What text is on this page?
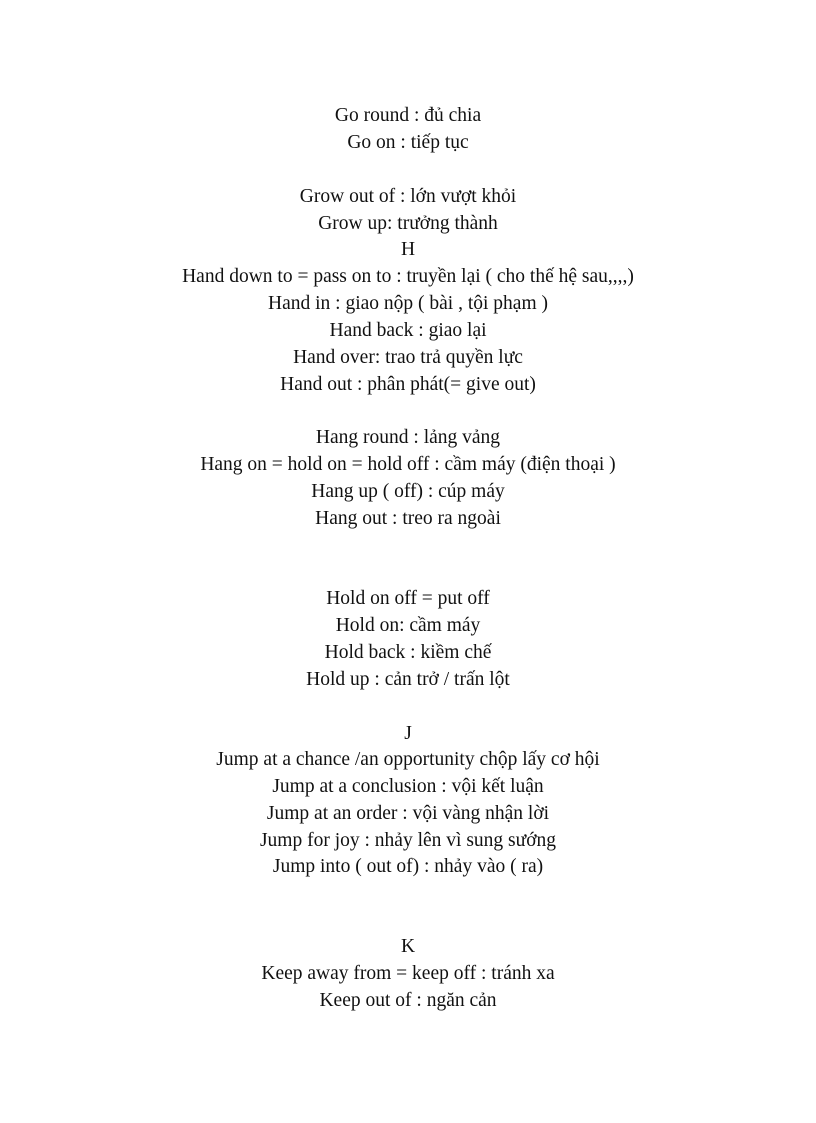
Go round : đủ chia
Go on : tiếp tục
Grow out of : lớn vượt khỏi
Grow up: trưởng thành
H
Hand down to = pass on to : truyền lại ( cho thế hệ sau,,,,)
Hand in : giao nộp ( bài , tội phạm )
Hand back : giao lại
Hand over: trao trả quyền lực
Hand out : phân phát(= give out)
Hang round : lảng vảng
Hang on = hold on = hold off : cầm máy (điện thoại )
Hang up ( off) : cúp máy
Hang out : treo ra ngoài
Hold on off = put off
Hold on: cầm máy
Hold back : kiềm chế
Hold up : cản trở / trấn lột
J
Jump at a chance /an opportunity chộp lấy cơ hội
Jump at a conclusion : vội kết luận
Jump at an order : vội vàng nhận lời
Jump for joy : nhảy lên vì sung sướng
Jump into ( out of) : nhảy vào ( ra)
K
Keep away from = keep off : tránh xa
Keep out of : ngăn cản
